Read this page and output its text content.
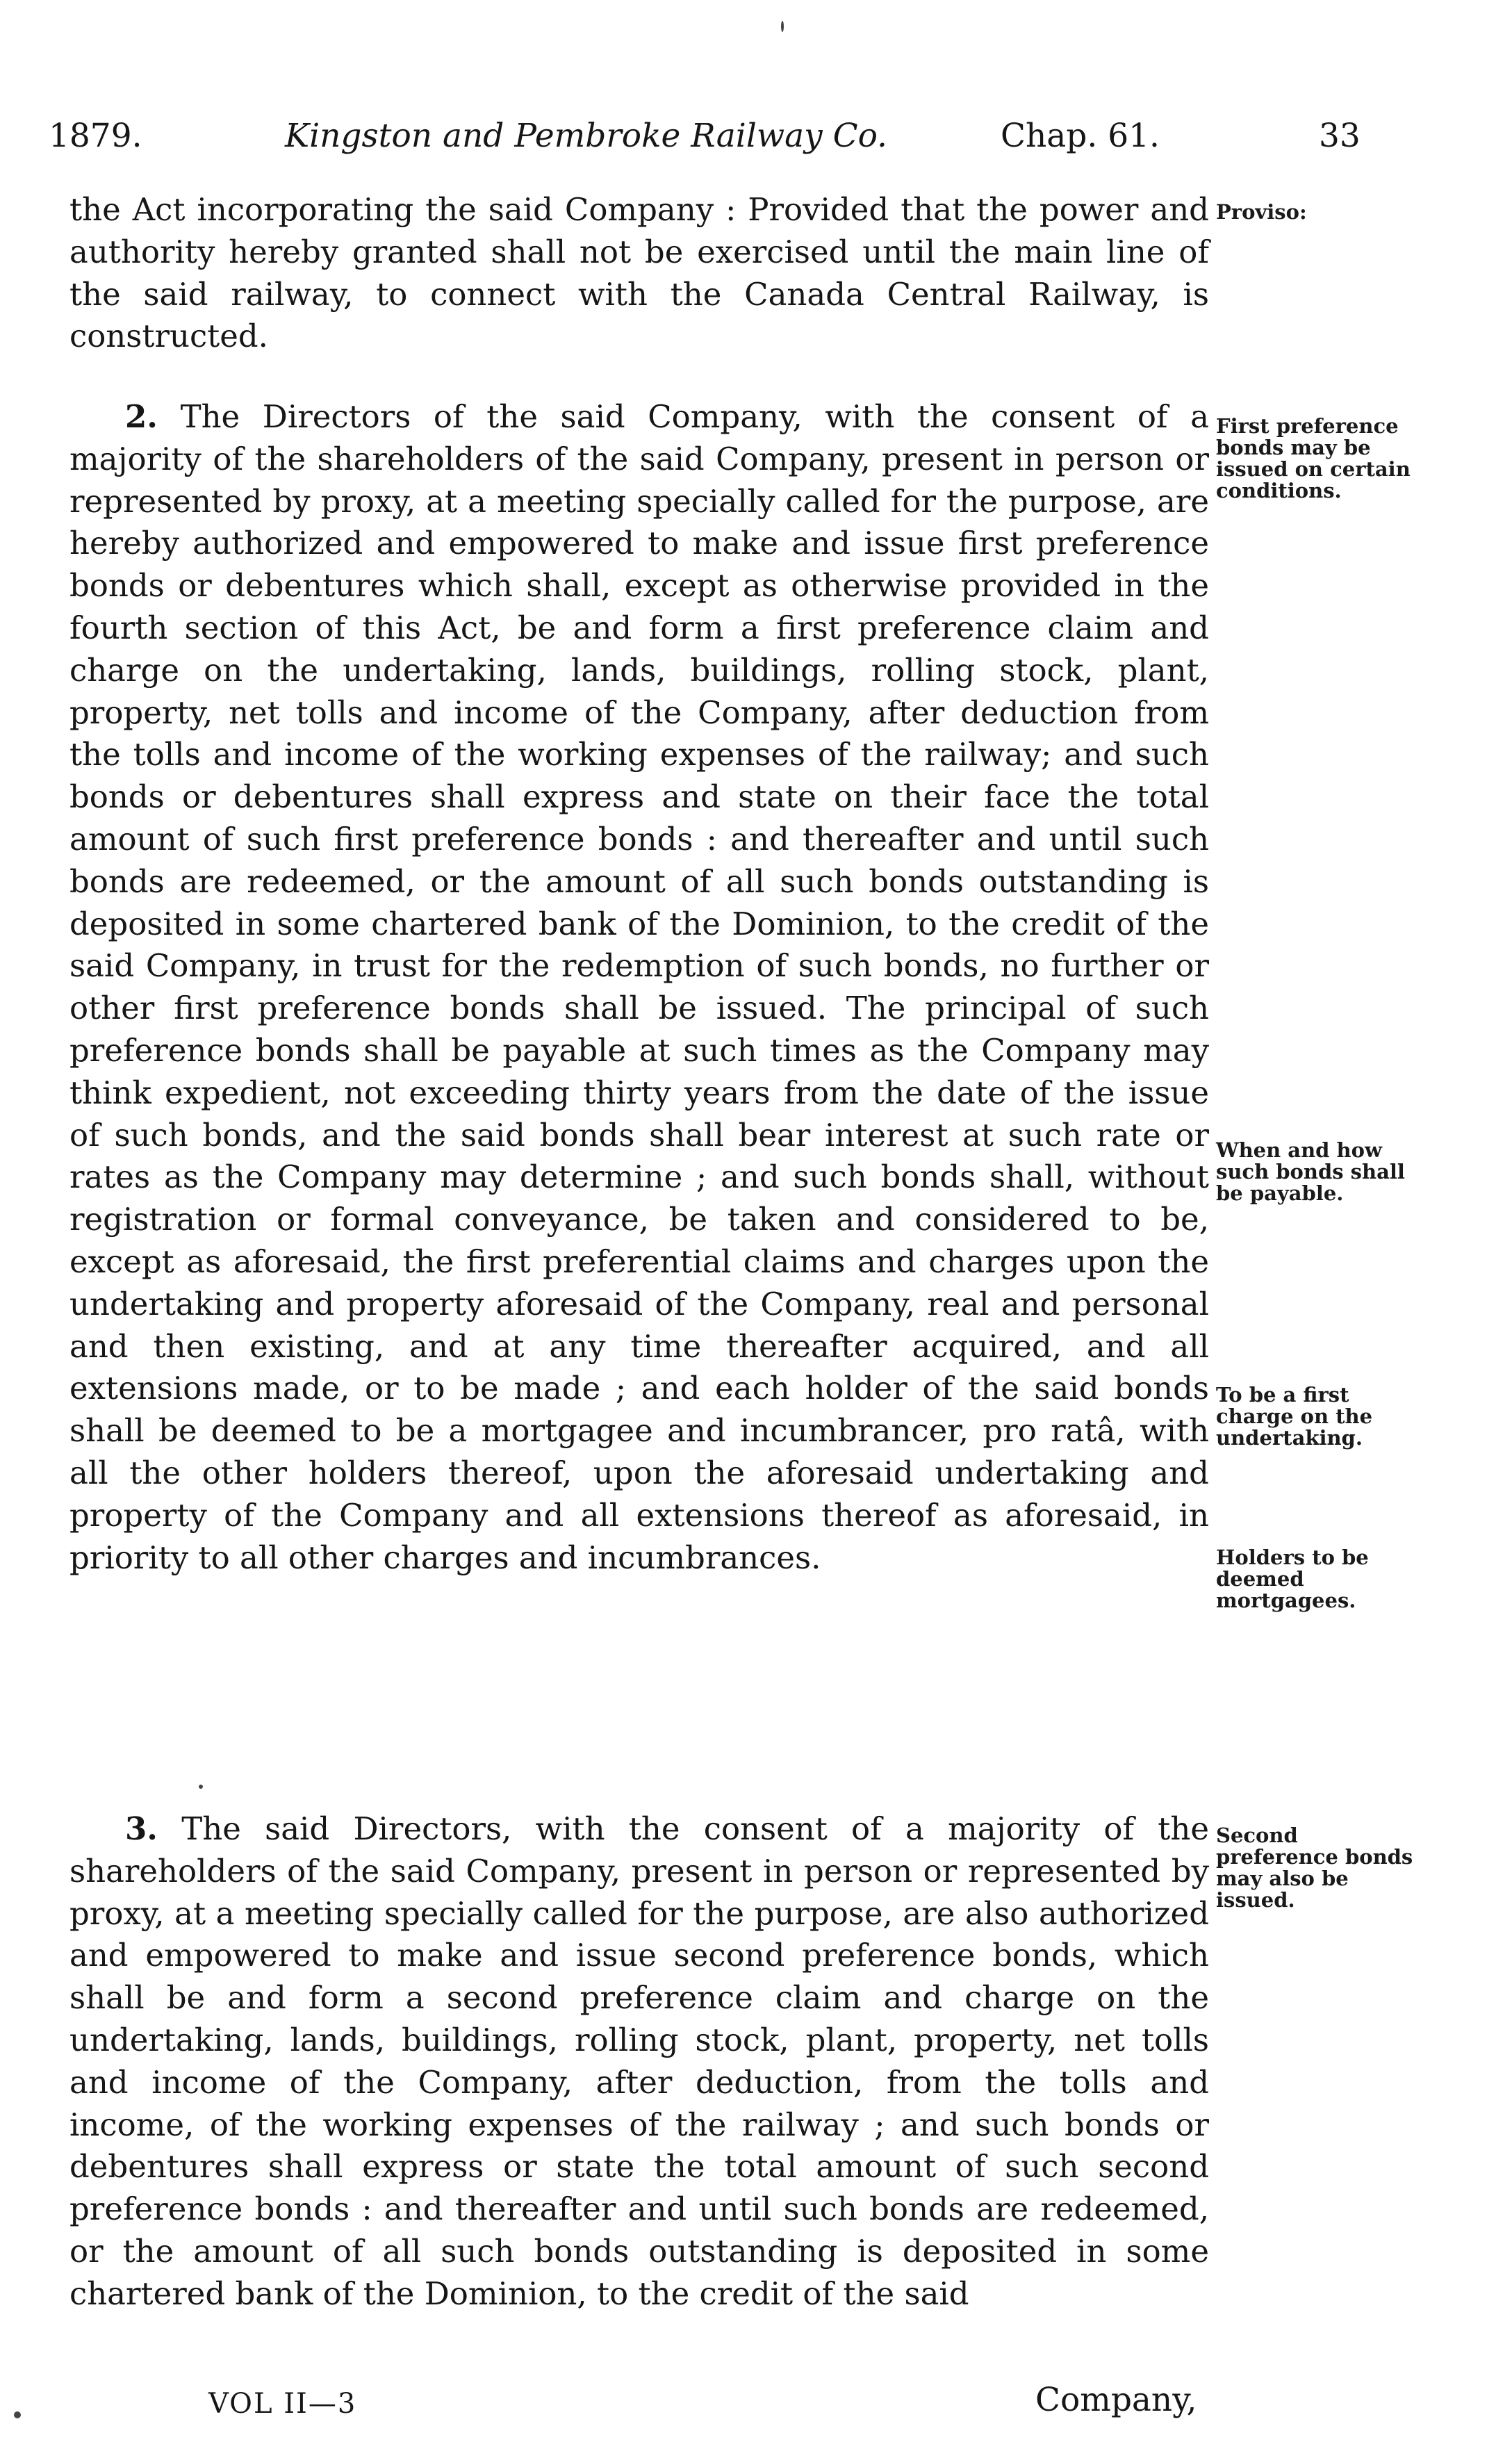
1879.	Kingston and Pembroke Railway Co.	Chap. 61.	33

the Act incorporating the said Company : Provided that the power and authority hereby granted shall not be exercised until the main line of the said railway, to connect with the Canada Central Railway, is constructed.

2. The Directors of the said Company, with the consent of a majority of the shareholders of the said Company, present in person or represented by proxy, at a meeting specially called for the purpose, are hereby authorized and empowered to make and issue first preference bonds or debentures which shall, except as otherwise provided in the fourth section of this Act, be and form a first preference claim and charge on the undertaking, lands, buildings, rolling stock, plant, property, net tolls and income of the Company, after deduction from the tolls and income of the working expenses of the railway; and such bonds or debentures shall express and state on their face the total amount of such first preference bonds : and thereafter and until such bonds are redeemed, or the amount of all such bonds outstanding is deposited in some chartered bank of the Dominion, to the credit of the said Company, in trust for the redemption of such bonds, no further or other first preference bonds shall be issued. The principal of such preference bonds shall be payable at such times as the Company may think expedient, not exceeding thirty years from the date of the issue of such bonds, and the said bonds shall bear interest at such rate or rates as the Company may determine ; and such bonds shall, without registration or formal conveyance, be taken and considered to be, except as aforesaid, the first preferential claims and charges upon the undertaking and property aforesaid of the Company, real and personal and then existing, and at any time thereafter acquired, and all extensions made, or to be made ; and each holder of the said bonds shall be deemed to be a mortgagee and incumbrancer, pro ratâ, with all the other holders thereof, upon the aforesaid undertaking and property of the Company and all extensions thereof as aforesaid, in priority to all other charges and incumbrances.

3. The said Directors, with the consent of a majority of the shareholders of the said Company, present in person or represented by proxy, at a meeting specially called for the purpose, are also authorized and empowered to make and issue second preference bonds, which shall be and form a second preference claim and charge on the undertaking, lands, buildings, rolling stock, plant, property, net tolls and income of the Company, after deduction, from the tolls and income, of the working expenses of the railway ; and such bonds or debentures shall express or state the total amount of such second preference bonds : and thereafter and until such bonds are redeemed, or the amount of all such bonds outstanding is deposited in some chartered bank of the Dominion, to the credit of the said

Proviso:
First preference bonds may be issued on certain conditions.
When and how such bonds shall be payable.
To be a first charge on the undertaking.
Holders to be deemed mortgagees.
Second preference bonds may also be issued.
VOL II—3	Company,
